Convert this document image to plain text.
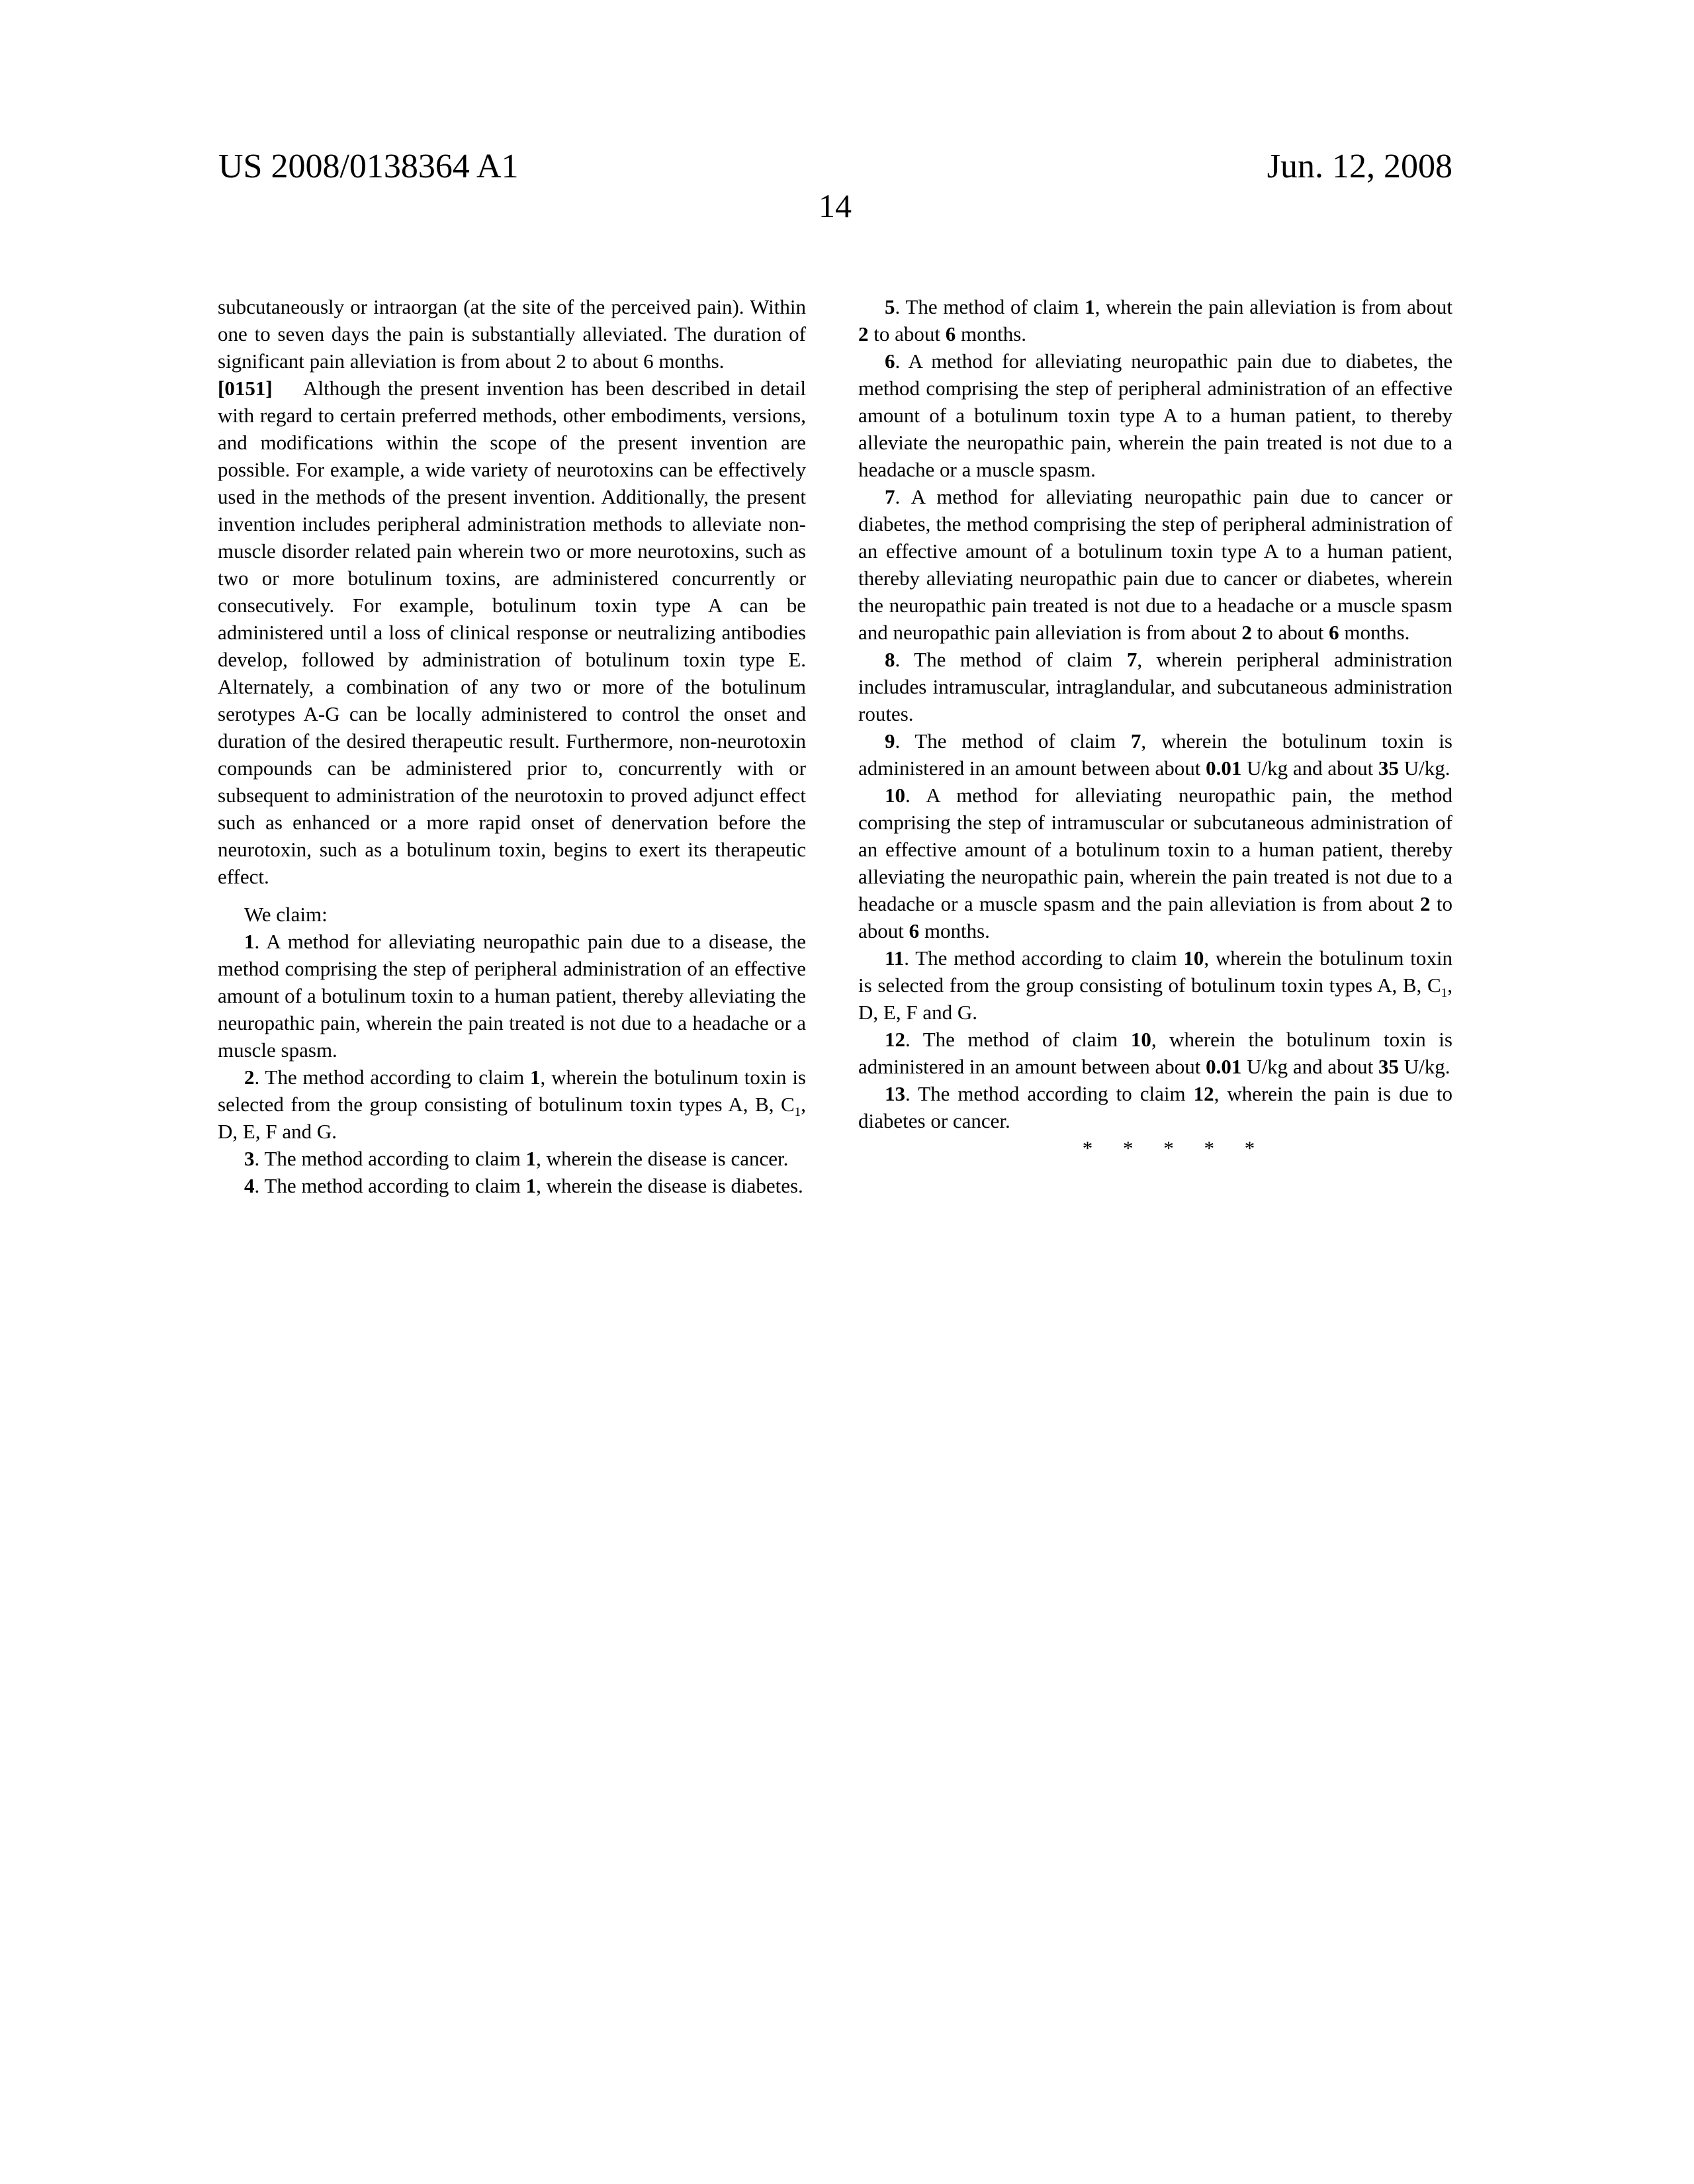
US 2008/0138364 A1	Jun. 12, 2008
14

subcutaneously or intraorgan (at the site of the perceived pain). Within one to seven days the pain is substantially alleviated. The duration of significant pain alleviation is from about 2 to about 6 months.

[0151]  Although the present invention has been described in detail with regard to certain preferred methods, other embodiments, versions, and modifications within the scope of the present invention are possible. For example, a wide variety of neurotoxins can be effectively used in the methods of the present invention. Additionally, the present invention includes peripheral administration methods to alleviate non-muscle disorder related pain wherein two or more neurotoxins, such as two or more botulinum toxins, are administered concurrently or consecutively. For example, botulinum toxin type A can be administered until a loss of clinical response or neutralizing antibodies develop, followed by administration of botulinum toxin type E. Alternately, a combination of any two or more of the botulinum serotypes A-G can be locally administered to control the onset and duration of the desired therapeutic result. Furthermore, non-neurotoxin compounds can be administered prior to, concurrently with or subsequent to administration of the neurotoxin to proved adjunct effect such as enhanced or a more rapid onset of denervation before the neurotoxin, such as a botulinum toxin, begins to exert its therapeutic effect.

We claim:

1. A method for alleviating neuropathic pain due to a disease, the method comprising the step of peripheral administration of an effective amount of a botulinum toxin to a human patient, thereby alleviating the neuropathic pain, wherein the pain treated is not due to a headache or a muscle spasm.

2. The method according to claim 1, wherein the botulinum toxin is selected from the group consisting of botulinum toxin types A, B, $C_1$, D, E, F and G.

3. The method according to claim 1, wherein the disease is cancer.

4. The method according to claim 1, wherein the disease is diabetes.

5. The method of claim 1, wherein the pain alleviation is from about 2 to about 6 months.

6. A method for alleviating neuropathic pain due to diabetes, the method comprising the step of peripheral administration of an effective amount of a botulinum toxin type A to a human patient, to thereby alleviate the neuropathic pain, wherein the pain treated is not due to a headache or a muscle spasm.

7. A method for alleviating neuropathic pain due to cancer or diabetes, the method comprising the step of peripheral administration of an effective amount of a botulinum toxin type A to a human patient, thereby alleviating neuropathic pain due to cancer or diabetes, wherein the neuropathic pain treated is not due to a headache or a muscle spasm and neuropathic pain alleviation is from about 2 to about 6 months.

8. The method of claim 7, wherein peripheral administration includes intramuscular, intraglandular, and subcutaneous administration routes.

9. The method of claim 7, wherein the botulinum toxin is administered in an amount between about 0.01 U/kg and about 35 U/kg.

10. A method for alleviating neuropathic pain, the method comprising the step of intramuscular or subcutaneous administration of an effective amount of a botulinum toxin to a human patient, thereby alleviating the neuropathic pain, wherein the pain treated is not due to a headache or a muscle spasm and the pain alleviation is from about 2 to about 6 months.

11. The method according to claim 10, wherein the botulinum toxin is selected from the group consisting of botulinum toxin types A, B, $C_1$, D, E, F and G.

12. The method of claim 10, wherein the botulinum toxin is administered in an amount between about 0.01 U/kg and about 35 U/kg.

13. The method according to claim 12, wherein the pain is due to diabetes or cancer.

* * * * *
